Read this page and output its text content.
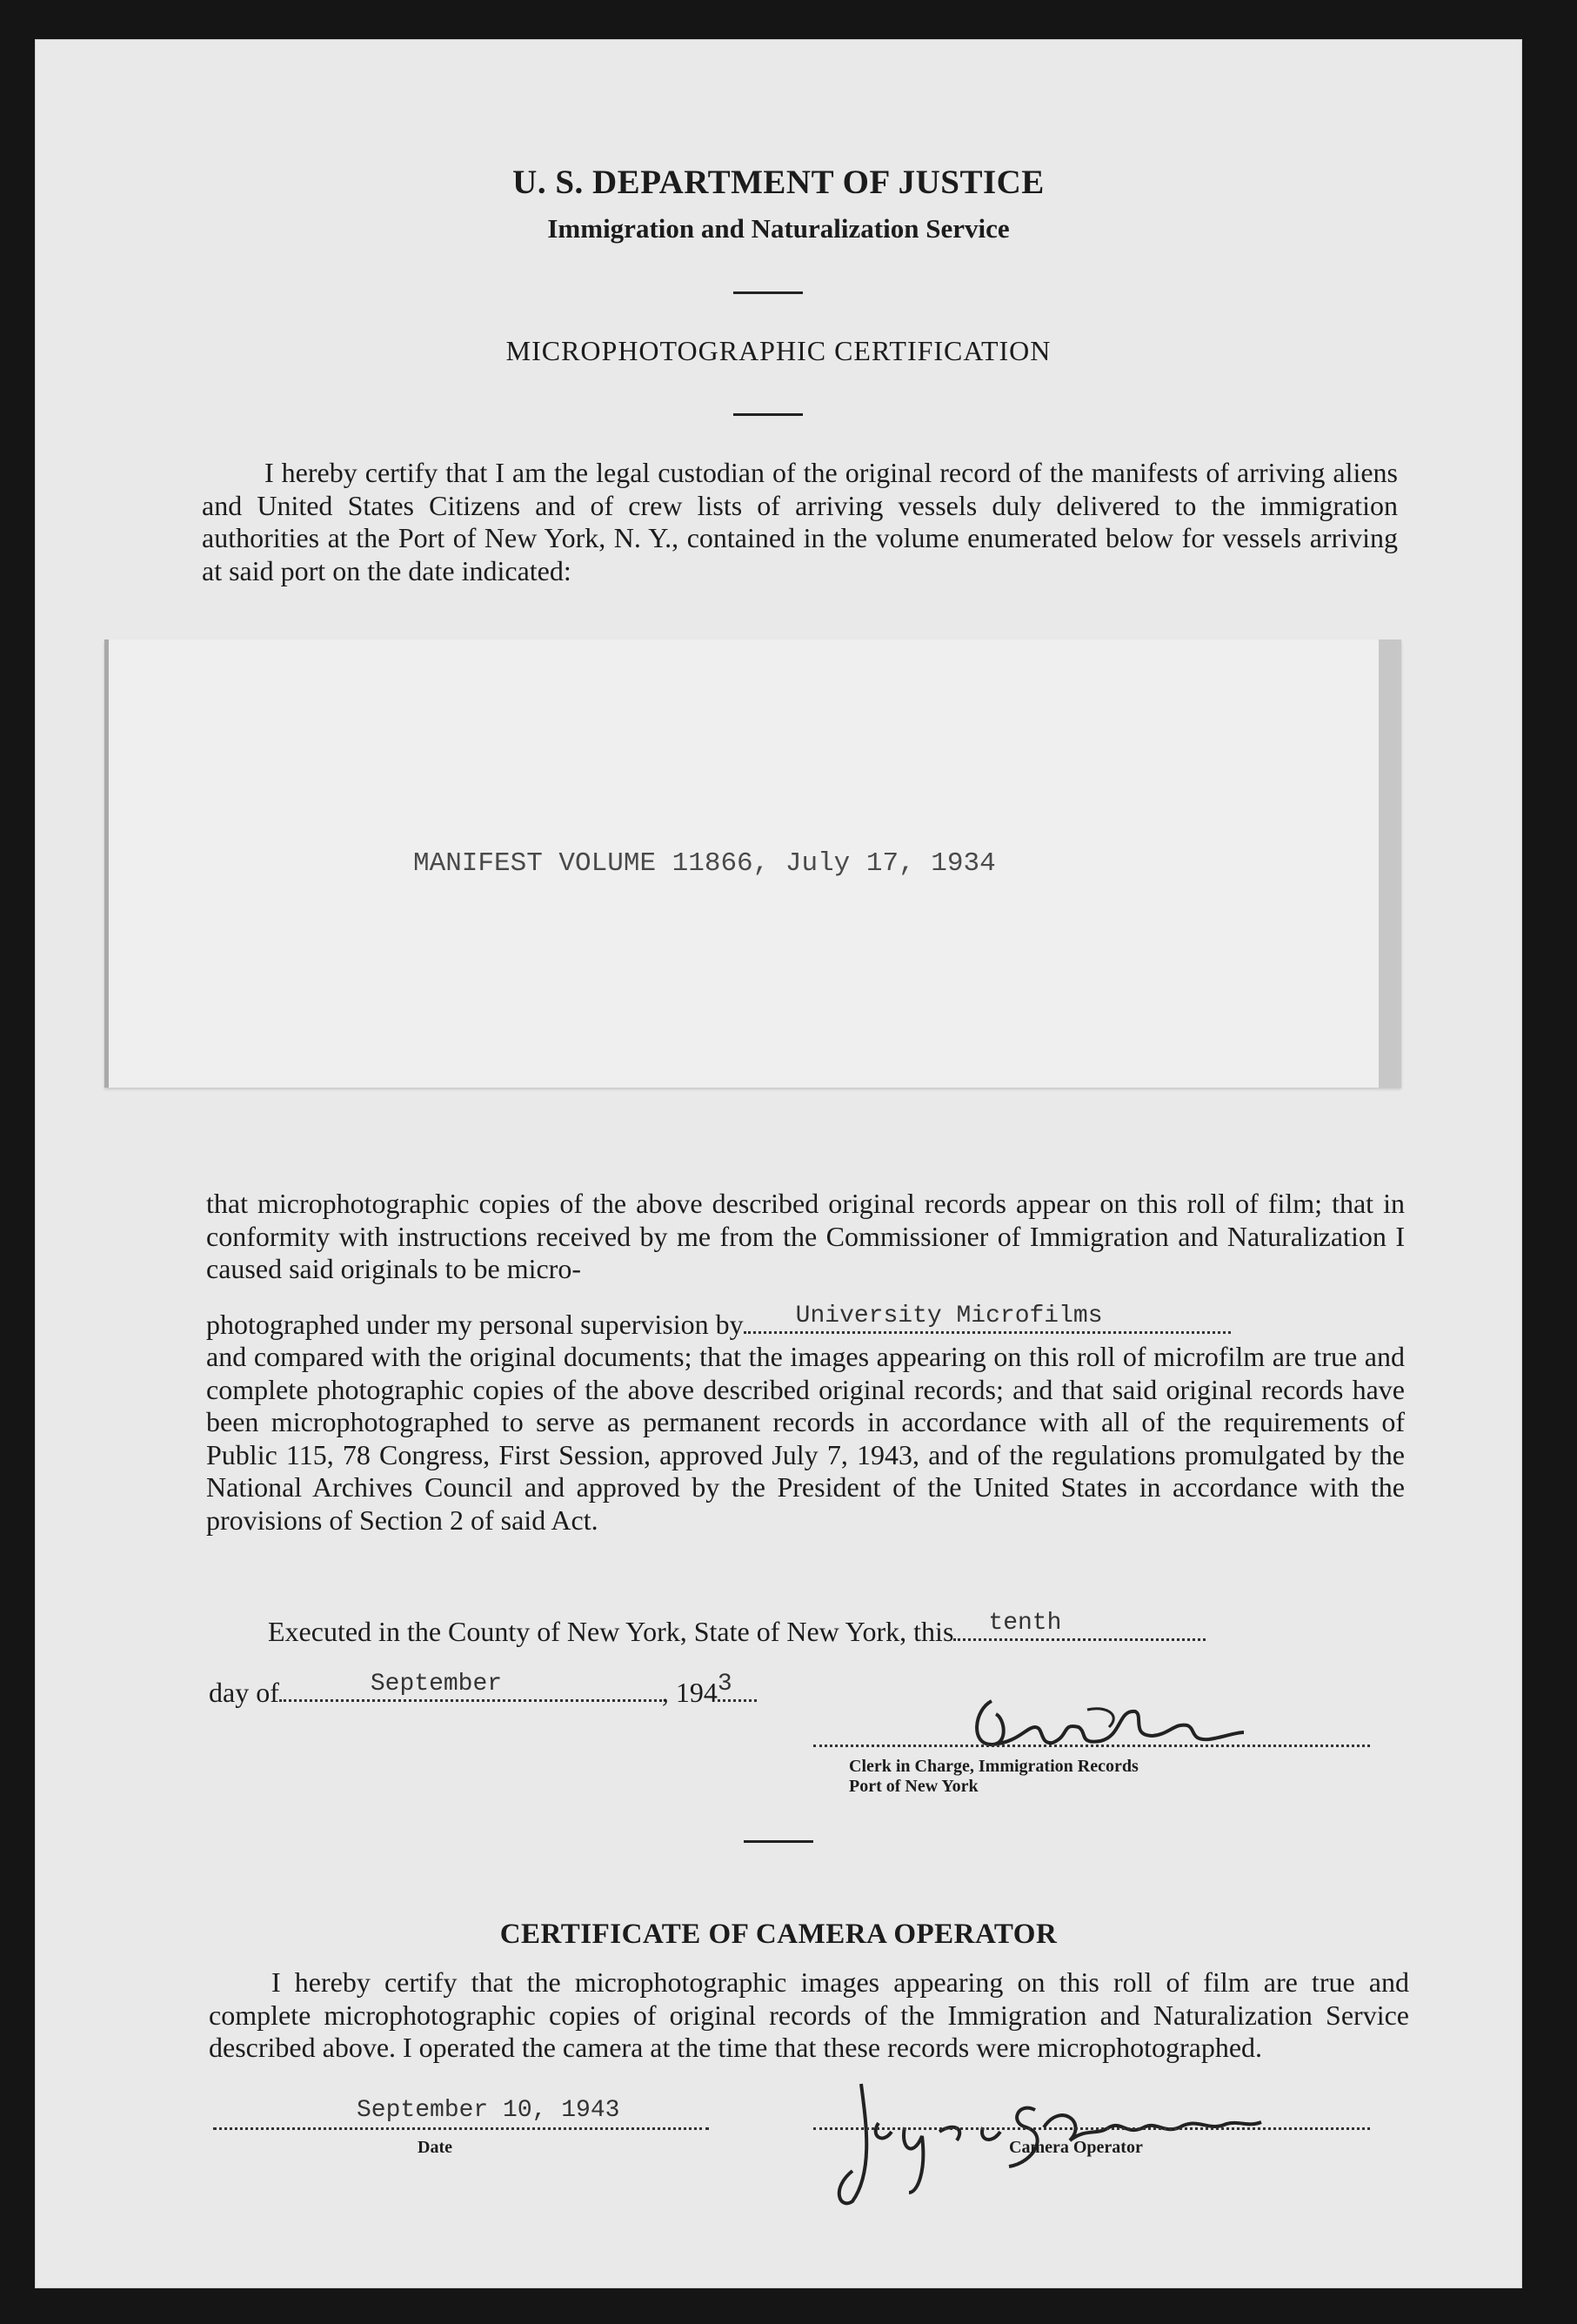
U. S. DEPARTMENT OF JUSTICE
Immigration and Naturalization Service
MICROPHOTOGRAPHIC CERTIFICATION

I hereby certify that I am the legal custodian of the original record of the manifests of arriving aliens and United States Citizens and of crew lists of arriving vessels duly delivered to the immigration authorities at the Port of New York, N. Y., contained in the volume enumerated below for vessels arriving at said port on the date indicated:

MANIFEST VOLUME 11866, July 17, 1934

that microphotographic copies of the above described original records appear on this roll of film; that in conformity with instructions received by me from the Commissioner of Immigration and Naturalization I caused said originals to be micro-

photographed under my personal supervision by University Microfilms

and compared with the original documents; that the images appearing on this roll of microfilm are true and complete photographic copies of the above described original records; and that said original records have been microphotographed to serve as permanent records in accordance with all of the requirements of Public 115, 78 Congress, First Session, approved July 7, 1943, and of the regulations promulgated by the National Archives Council and approved by the President of the United States in accordance with the provisions of Section 2 of said Act.

Executed in the County of New York, State of New York, this tenth
day of	September	, 194 3
Clerk in Charge, Immigration Records
Port of New York
CERTIFICATE OF CAMERA OPERATOR

I hereby certify that the microphotographic images appearing on this roll of film are true and complete microphotographic copies of original records of the Immigration and Naturalization Service described above. I operated the camera at the time that these records were microphotographed.

September 10, 1943
Date	Camera Operator
